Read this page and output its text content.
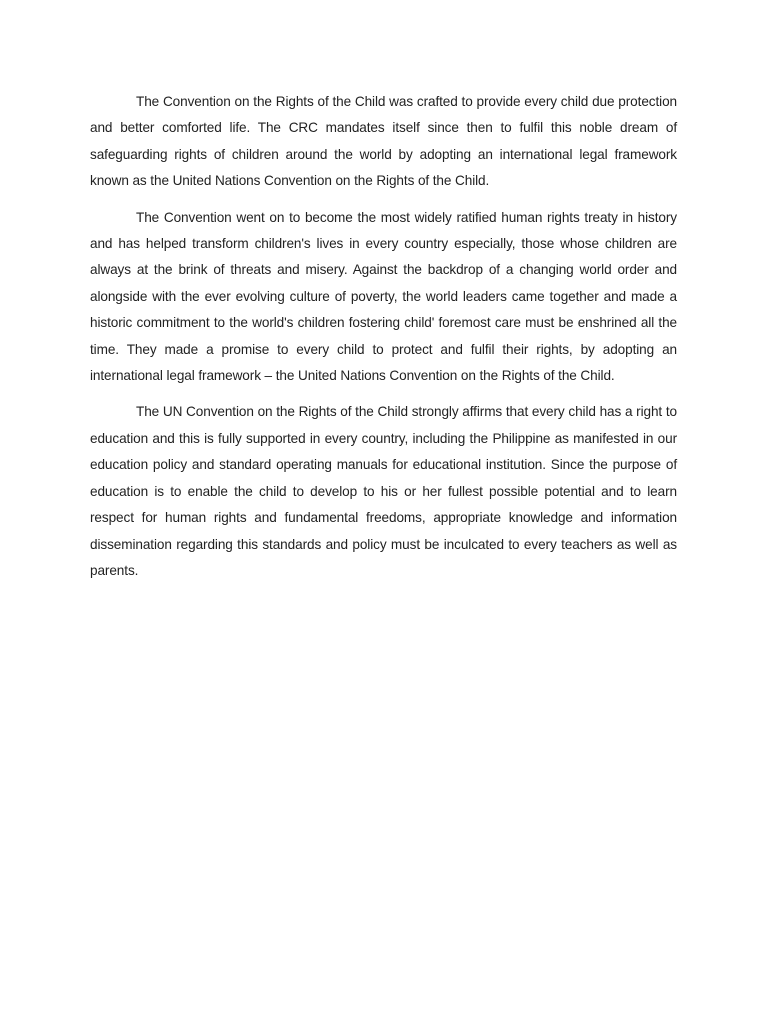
The Convention on the Rights of the Child was crafted to provide every child due protection and better comforted life. The CRC mandates itself since then to fulfil this noble dream of safeguarding rights of children around the world by adopting an international legal framework known as the United Nations Convention on the Rights of the Child.

The Convention went on to become the most widely ratified human rights treaty in history and has helped transform children's lives in every country especially, those whose children are always at the brink of threats and misery. Against the backdrop of a changing world order and alongside with the ever evolving culture of poverty, the world leaders came together and made a historic commitment to the world's children fostering child' foremost care must be enshrined all the time. They made a promise to every child to protect and fulfil their rights, by adopting an international legal framework – the United Nations Convention on the Rights of the Child.

The UN Convention on the Rights of the Child strongly affirms that every child has a right to education and this is fully supported in every country, including the Philippine as manifested in our education policy and standard operating manuals for educational institution. Since the purpose of education is to enable the child to develop to his or her fullest possible potential and to learn respect for human rights and fundamental freedoms, appropriate knowledge and information dissemination regarding this standards and policy must be inculcated to every teachers as well as parents.
